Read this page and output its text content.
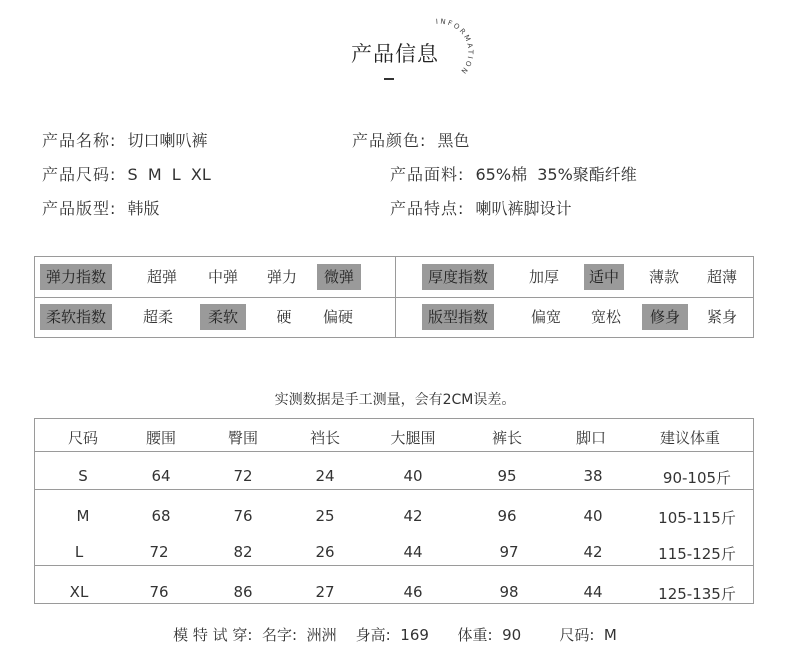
产品信息
INFORMATION
产品名称: 切口喇叭裤	产品颜色: 黑色
产品尺码: S  M  L  XL	产品面料: 65%棉  35%聚酯纤维
产品版型: 韩版	产品特点: 喇叭裤脚设计
弹力指数	超弹	中弹	弹力	微弹	厚度指数	加厚	适中	薄款	超薄
柔软指数	超柔	柔软	硬	偏硬	版型指数	偏宽	宽松	修身	紧身
实测数据是手工测量，会有2CM误差。
尺码	腰围	臀围	裆长	大腿围	裤长	脚口	建议体重
S	64	72	24	40	95	38	90-105斤
M	68	76	25	42	96	40	105-115斤
L	72	82	26	44	97	42	115-125斤
XL	76	86	27	46	98	44	125-135斤
模 特 试 穿:  名字:  洲洲    身高:  169      体重:  90        尺码:  M
